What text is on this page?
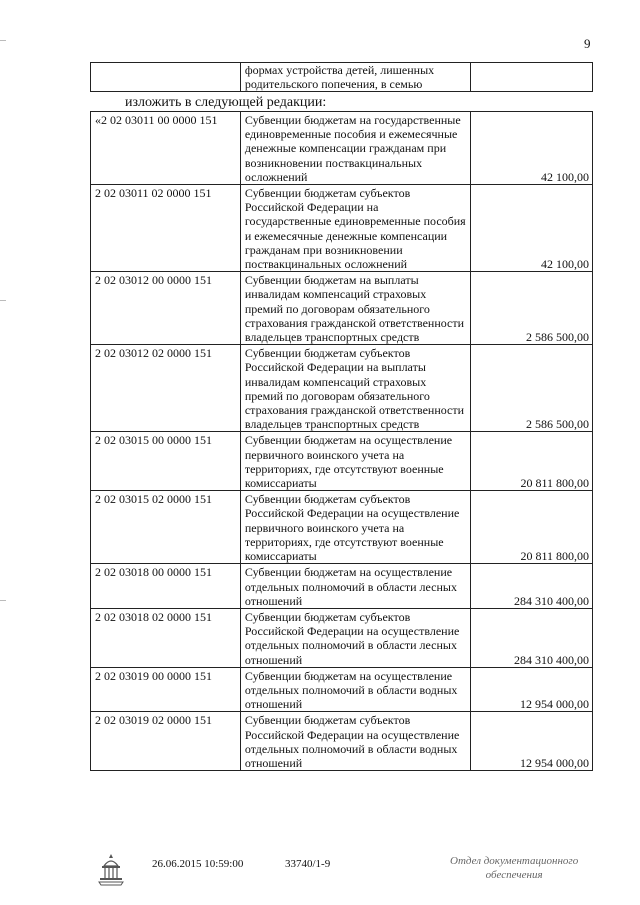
9
	формах устройства детей, лишенных родительского попечения, в семью	
изложить в следующей редакции:
«2 02 03011 00 0000 151	Субвенции бюджетам на государственные единовременные пособия и ежемесячные денежные компенсации гражданам при возникновении поствакцинальных осложнений	42 100,00
2 02 03011 02 0000 151	Субвенции бюджетам субъектов Российской Федерации на государственные единовременные пособия и ежемесячные денежные компенсации гражданам при возникновении поствакцинальных осложнений	42 100,00
2 02 03012 00 0000 151	Субвенции бюджетам на выплаты инвалидам компенсаций страховых премий по договорам обязательного страхования гражданской ответственности владельцев транспортных средств	2 586 500,00
2 02 03012 02 0000 151	Субвенции бюджетам субъектов Российской Федерации на выплаты инвалидам компенсаций страховых премий по договорам обязательного страхования гражданской ответственности владельцев транспортных средств	2 586 500,00
2 02 03015 00 0000 151	Субвенции бюджетам на осуществление первичного воинского учета на территориях, где отсутствуют военные комиссариаты	20 811 800,00
2 02 03015 02 0000 151	Субвенции бюджетам субъектов Российской Федерации на осуществление первичного воинского учета на территориях, где отсутствуют военные комиссариаты	20 811 800,00
2 02 03018 00 0000 151	Субвенции бюджетам на осуществление отдельных полномочий в области лесных отношений	284 310 400,00
2 02 03018 02 0000 151	Субвенции бюджетам субъектов Российской Федерации на осуществление отдельных полномочий в области лесных отношений	284 310 400,00
2 02 03019 00 0000 151	Субвенции бюджетам на осуществление отдельных полномочий в области водных отношений	12 954 000,00
2 02 03019 02 0000 151	Субвенции бюджетам субъектов Российской Федерации на осуществление отдельных полномочий в области водных отношений	12 954 000,00
26.06.2015 10:59:00	33740/1-9	Отдел документационного
обеспечения
